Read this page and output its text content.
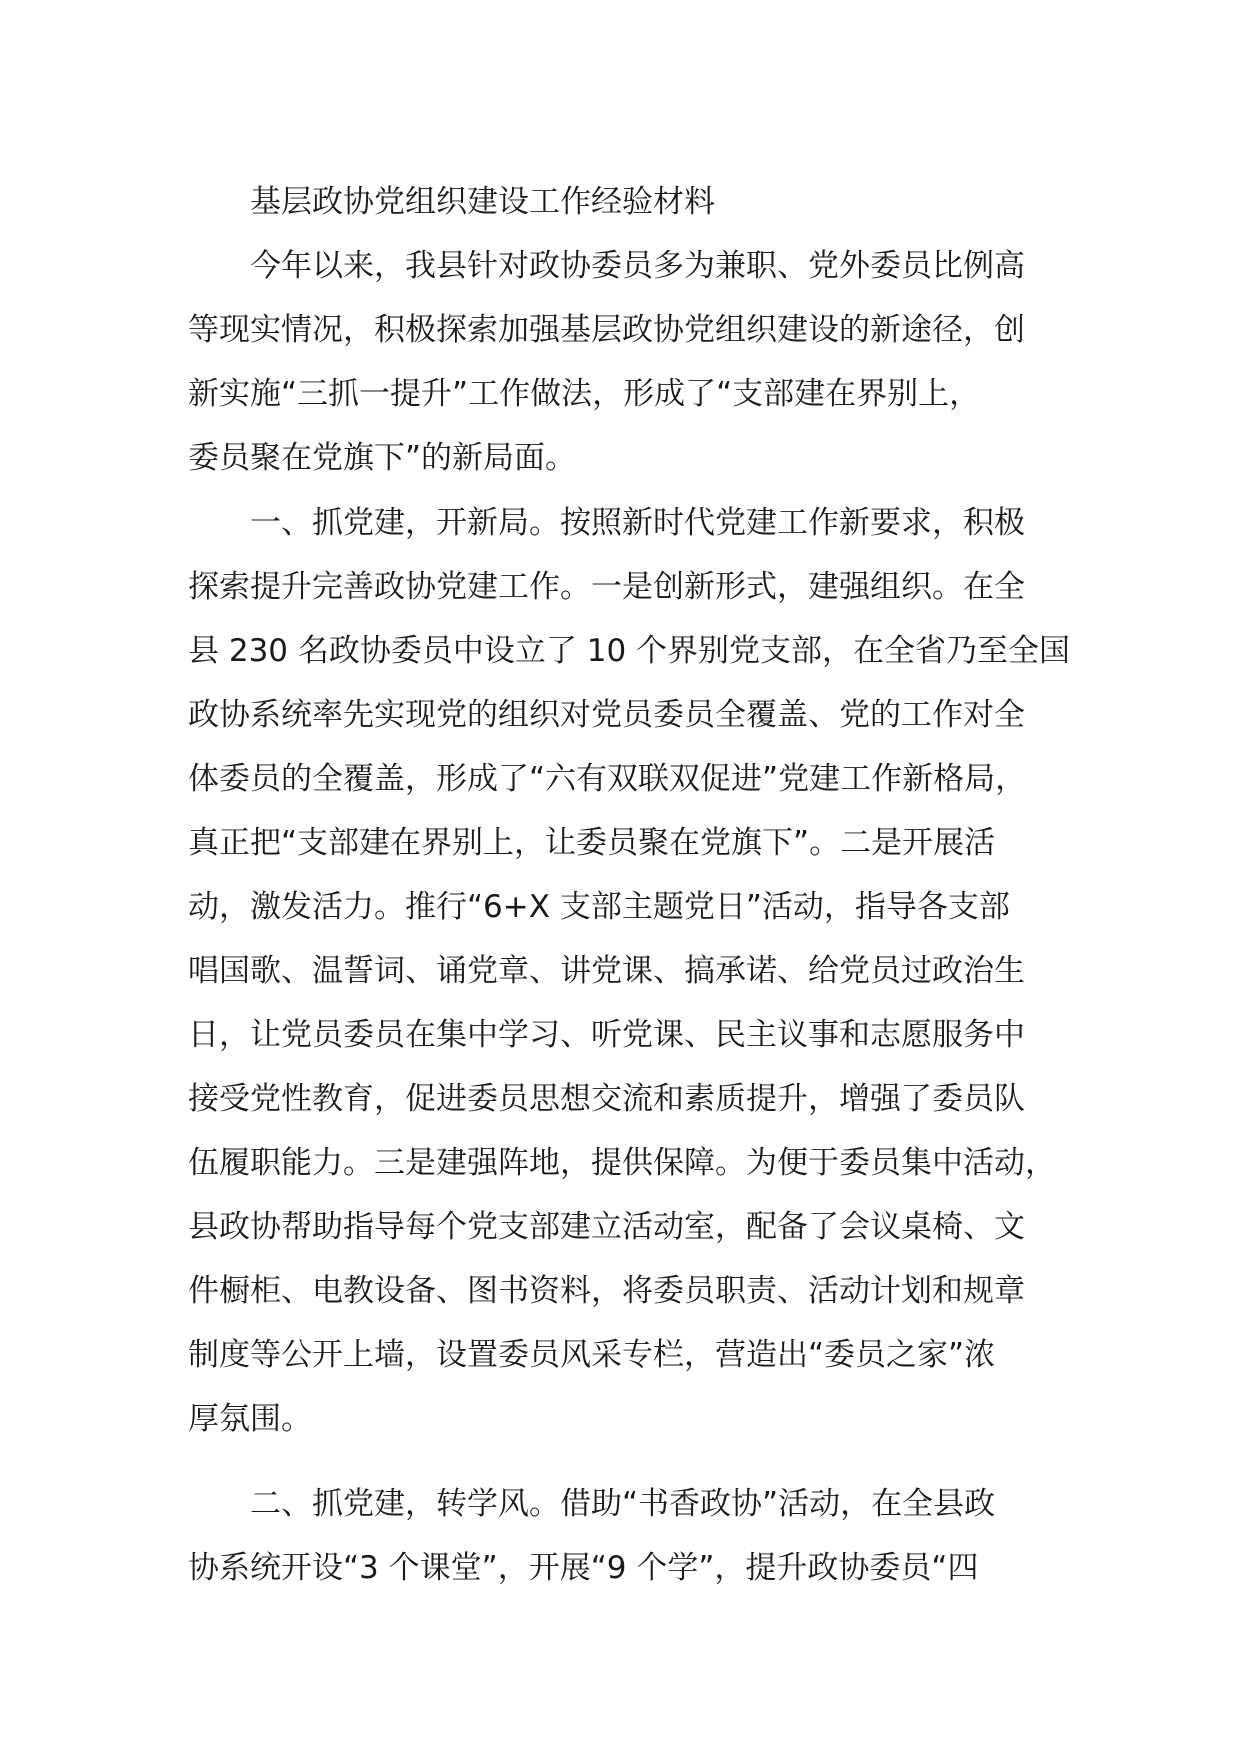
基层政协党组织建设工作经验材料
今年以来，我县针对政协委员多为兼职、党外委员比例高
等现实情况，积极探索加强基层政协党组织建设的新途径，创
新实施“三抓一提升”工作做法，形成了“支部建在界别上，
委员聚在党旗下”的新局面。
一、抓党建，开新局。按照新时代党建工作新要求，积极
探索提升完善政协党建工作。一是创新形式，建强组织。在全
县 230 名政协委员中设立了 10 个界别党支部，在全省乃至全国
政协系统率先实现党的组织对党员委员全覆盖、党的工作对全
体委员的全覆盖，形成了“六有双联双促进”党建工作新格局，
真正把“支部建在界别上，让委员聚在党旗下”。二是开展活
动，激发活力。推行“6+X 支部主题党日”活动，指导各支部
唱国歌、温誓词、诵党章、讲党课、搞承诺、给党员过政治生
日，让党员委员在集中学习、听党课、民主议事和志愿服务中
接受党性教育，促进委员思想交流和素质提升，增强了委员队
伍履职能力。三是建强阵地，提供保障。为便于委员集中活动，
县政协帮助指导每个党支部建立活动室，配备了会议桌椅、文
件橱柜、电教设备、图书资料，将委员职责、活动计划和规章
制度等公开上墙，设置委员风采专栏，营造出“委员之家”浓
厚氛围。
二、抓党建，转学风。借助“书香政协”活动，在全县政
协系统开设“3 个课堂”，开展“9 个学”，提升政协委员“四
